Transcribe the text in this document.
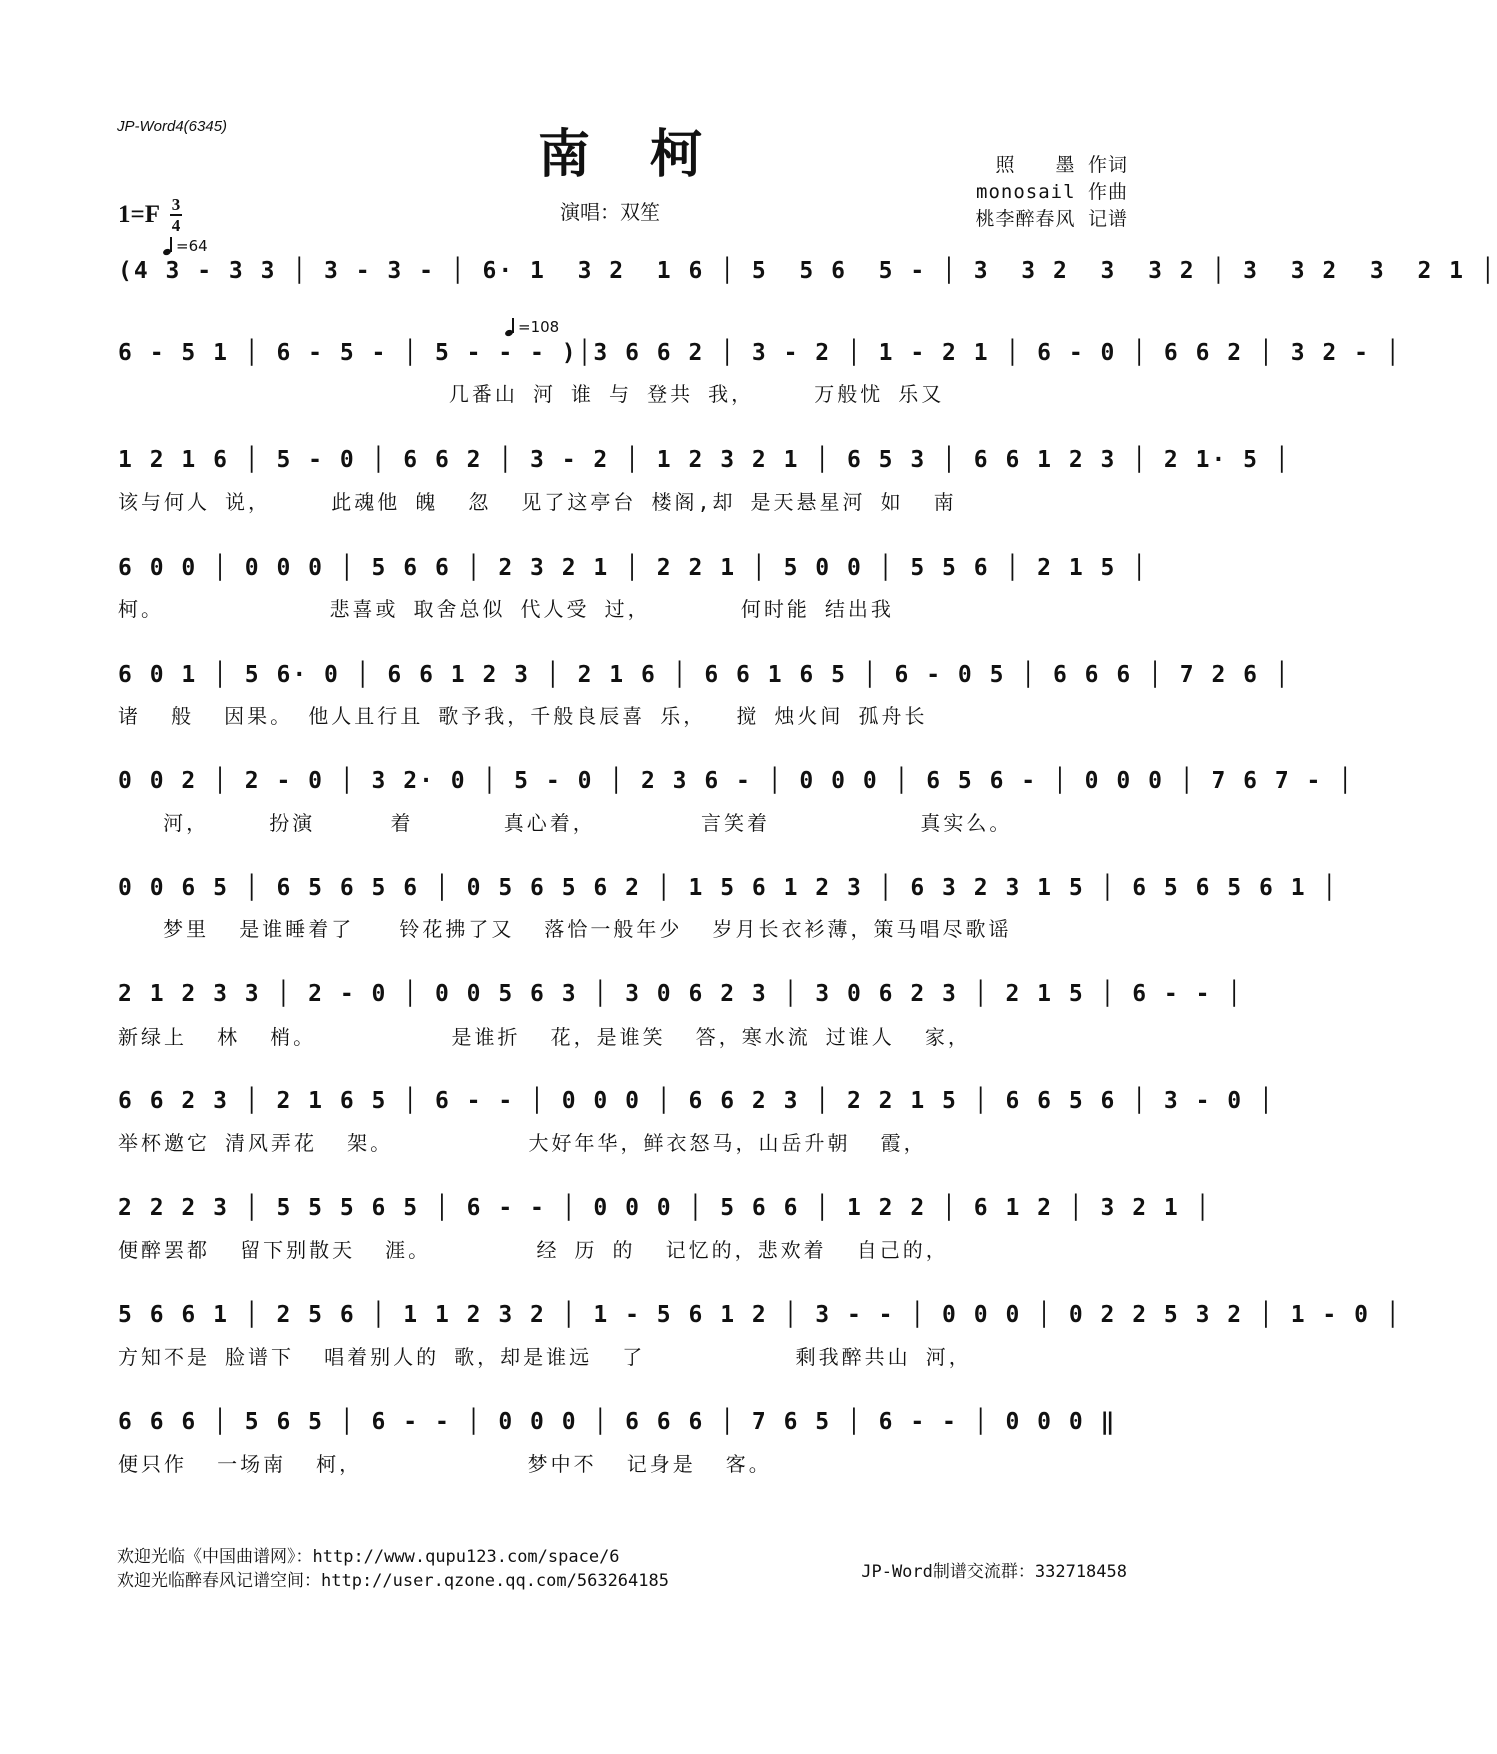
JP-Word4(6345)	南柯	照　　墨 作词
monosail 作曲
桃李醉春风 记谱
$1=F \frac{3}{4}$	演唱：双笙
=64
=108
(4 3 - 3 3 │ 3 - 3 - │ 6· 1  3 2  1 6 │ 5  5 6  5 - │ 3  3 2  3  3 2 │ 3  3 2  3  2 1 │
6 - 5 1 │ 6 - 5 - │ 5 - - - )│3 6 6 2 │ 3 - 2 │ 1 - 2 1 │ 6 - 0 │ 6 6 2 │ 3 2 - │
几番山 河 谁 与 登共 我，    万般忧 乐又
1 2 1 6 │ 5 - 0 │ 6 6 2 │ 3 - 2 │ 1 2 3 2 1 │ 6 5 3 │ 6 6 1 2 3 │ 2 1· 5 │
该与何人 说，    此魂他 魄  忽  见了这亭台 楼阁,却 是天悬星河 如  南
6 0 0 │ 0 0 0 │ 5 6 6 │ 2 3 2 1 │ 2 2 1 │ 5 0 0 │ 5 5 6 │ 2 1 5 │
柯。           悲喜或 取舍总似 代人受 过，      何时能 结出我
6 0 1 │ 5 6· 0 │ 6 6 1 2 3 │ 2 1 6 │ 6 6 1 6 5 │ 6 - 0 5 │ 6 6 6 │ 7 2 6 │
诸  般  因果。 他人且行且 歌予我，千般良辰喜 乐，  搅 烛火间 孤舟长
0 0 2 │ 2 - 0 │ 3 2· 0 │ 5 - 0 │ 2 3 6 - │ 0 0 0 │ 6 5 6 - │ 0 0 0 │ 7 6 7 - │
河，    扮演     着      真心着，       言笑着          真实么。
0 0 6 5 │ 6 5 6 5 6 │ 0 5 6 5 6 2 │ 1 5 6 1 2 3 │ 6 3 2 3 1 5 │ 6 5 6 5 6 1 │
梦里  是谁睡着了   铃花拂了又  落恰一般年少  岁月长衣衫薄，策马唱尽歌谣
2 1 2 3 3 │ 2 - 0 │ 0 0 5 6 3 │ 3 0 6 2 3 │ 3 0 6 2 3 │ 2 1 5 │ 6 - - │
新绿上  林  梢。         是谁折  花，是谁笑  答，寒水流 过谁人  家，
6 6 2 3 │ 2 1 6 5 │ 6 - - │ 0 0 0 │ 6 6 2 3 │ 2 2 1 5 │ 6 6 5 6 │ 3 - 0 │
举杯邀它 清风弄花  架。         大好年华，鲜衣怒马，山岳升朝  霞，
2 2 2 3 │ 5 5 5 6 5 │ 6 - - │ 0 0 0 │ 5 6 6 │ 1 2 2 │ 6 1 2 │ 3 2 1 │
便醉罢都  留下别散天  涯。       经 历 的  记忆的，悲欢着  自己的，
5 6 6 1 │ 2 5 6 │ 1 1 2 3 2 │ 1 - 5 6 1 2 │ 3 - - │ 0 0 0 │ 0 2 2 5 3 2 │ 1 - 0 │
方知不是 脸谱下  唱着别人的 歌，却是谁远  了          剩我醉共山 河，
6 6 6 │ 5 6 5 │ 6 - - │ 0 0 0 │ 6 6 6 │ 7 6 5 │ 6 - - │ 0 0 0 ‖
便只作  一场南  柯，           梦中不  记身是  客。
欢迎光临《中国曲谱网》：http://www.qupu123.com/space/6
欢迎光临醉春风记谱空间：http://user.qzone.qq.com/563264185	JP-Word制谱交流群：332718458
